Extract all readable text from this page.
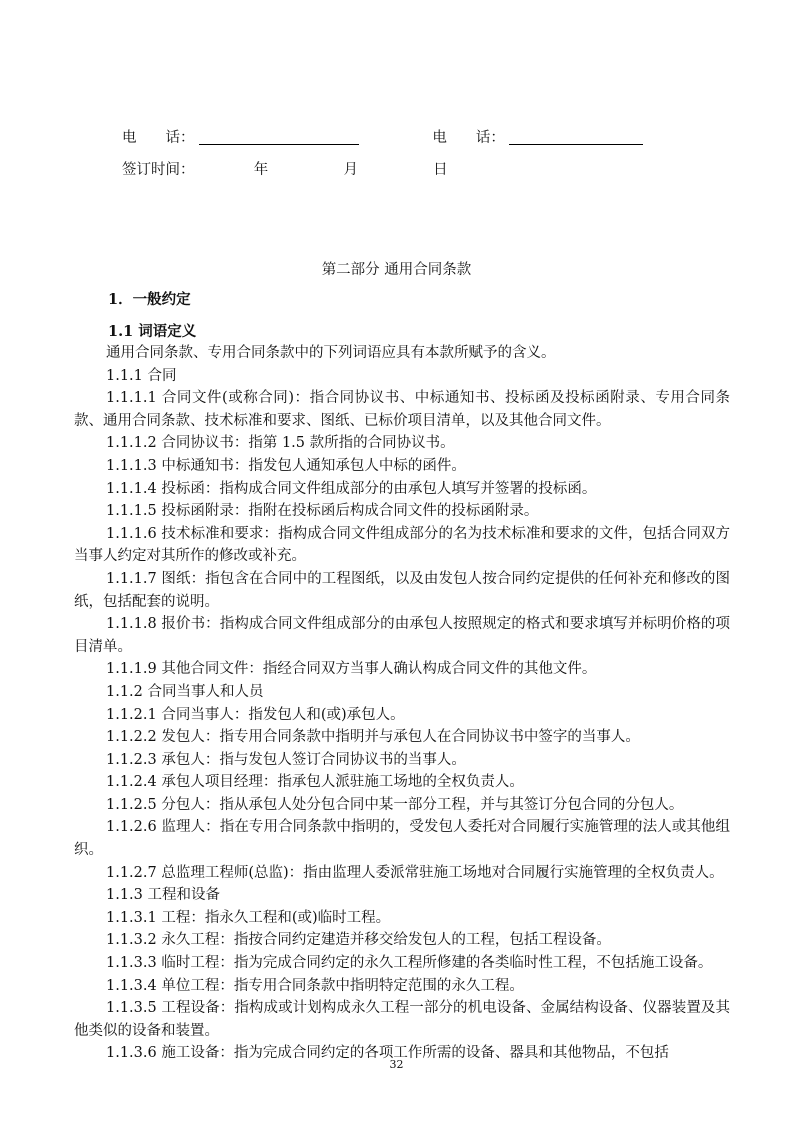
电　　话：	电　　话：
签订时间：	年	月	日
第二部分 通用合同条款
1．一般约定
1.1 词语定义

通用合同条款、专用合同条款中的下列词语应具有本款所赋予的含义。

1.1.1 合同

1.1.1.1 合同文件(或称合同)：指合同协议书、中标通知书、投标函及投标函附录、专用合同条款、通用合同条款、技术标准和要求、图纸、已标价项目清单，以及其他合同文件。

1.1.1.2 合同协议书：指第 1.5 款所指的合同协议书。

1.1.1.3 中标通知书：指发包人通知承包人中标的函件。

1.1.1.4 投标函：指构成合同文件组成部分的由承包人填写并签署的投标函。

1.1.1.5 投标函附录：指附在投标函后构成合同文件的投标函附录。

1.1.1.6 技术标准和要求：指构成合同文件组成部分的名为技术标准和要求的文件，包括合同双方当事人约定对其所作的修改或补充。

1.1.1.7 图纸：指包含在合同中的工程图纸，以及由发包人按合同约定提供的任何补充和修改的图纸，包括配套的说明。

1.1.1.8 报价书：指构成合同文件组成部分的由承包人按照规定的格式和要求填写并标明价格的项目清单。

1.1.1.9 其他合同文件：指经合同双方当事人确认构成合同文件的其他文件。

1.1.2 合同当事人和人员

1.1.2.1 合同当事人：指发包人和(或)承包人。

1.1.2.2 发包人：指专用合同条款中指明并与承包人在合同协议书中签字的当事人。

1.1.2.3 承包人：指与发包人签订合同协议书的当事人。

1.1.2.4 承包人项目经理：指承包人派驻施工场地的全权负责人。

1.1.2.5 分包人：指从承包人处分包合同中某一部分工程，并与其签订分包合同的分包人。

1.1.2.6 监理人：指在专用合同条款中指明的，受发包人委托对合同履行实施管理的法人或其他组织。

1.1.2.7 总监理工程师(总监)：指由监理人委派常驻施工场地对合同履行实施管理的全权负责人。

1.1.3 工程和设备

1.1.3.1 工程：指永久工程和(或)临时工程。

1.1.3.2 永久工程：指按合同约定建造并移交给发包人的工程，包括工程设备。

1.1.3.3 临时工程：指为完成合同约定的永久工程所修建的各类临时性工程，不包括施工设备。

1.1.3.4 单位工程：指专用合同条款中指明特定范围的永久工程。

1.1.3.5 工程设备：指构成或计划构成永久工程一部分的机电设备、金属结构设备、仪器装置及其他类似的设备和装置。

1.1.3.6 施工设备：指为完成合同约定的各项工作所需的设备、器具和其他物品，不包括

32
